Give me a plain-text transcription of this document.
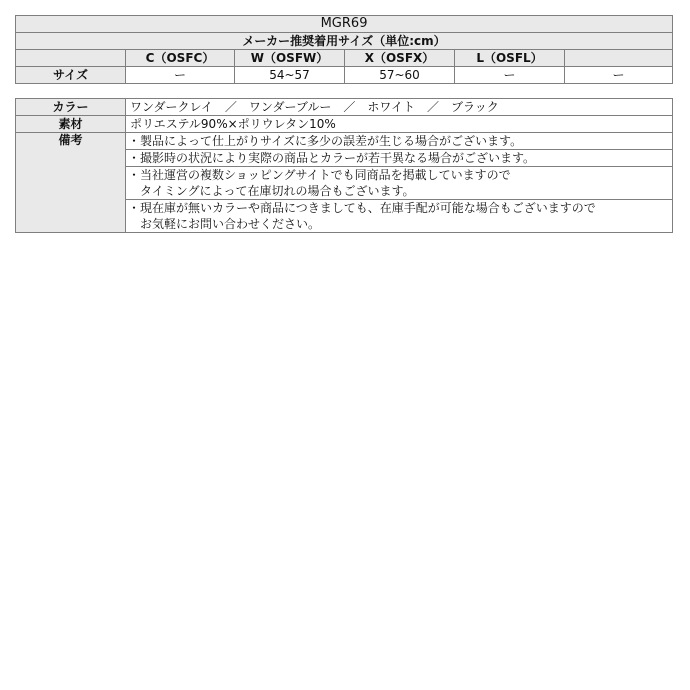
MGR69					
メーカー推奨着用サイズ（単位:cm）					
	C（OSFC）	W（OSFW）	X（OSFX）	L（OSFL）	
サイズ	ー	54~57	57~60	ー	ー
カラー	ワンダークレイ　／　ワンダーブルー　／　ホワイト　／　ブラック
素材	ポリエステル90%×ポリウレタン10%
備考	・製品によって仕上がりサイズに多少の誤差が生じる場合がございます。
	・撮影時の状況により実際の商品とカラーが若干異なる場合がございます。
	・当社運営の複数ショッピングサイトでも同商品を掲載していますので
	　タイミングによって在庫切れの場合もございます。
	・現在庫が無いカラーや商品につきましても、在庫手配が可能な場合もございますので
	　お気軽にお問い合わせください。
